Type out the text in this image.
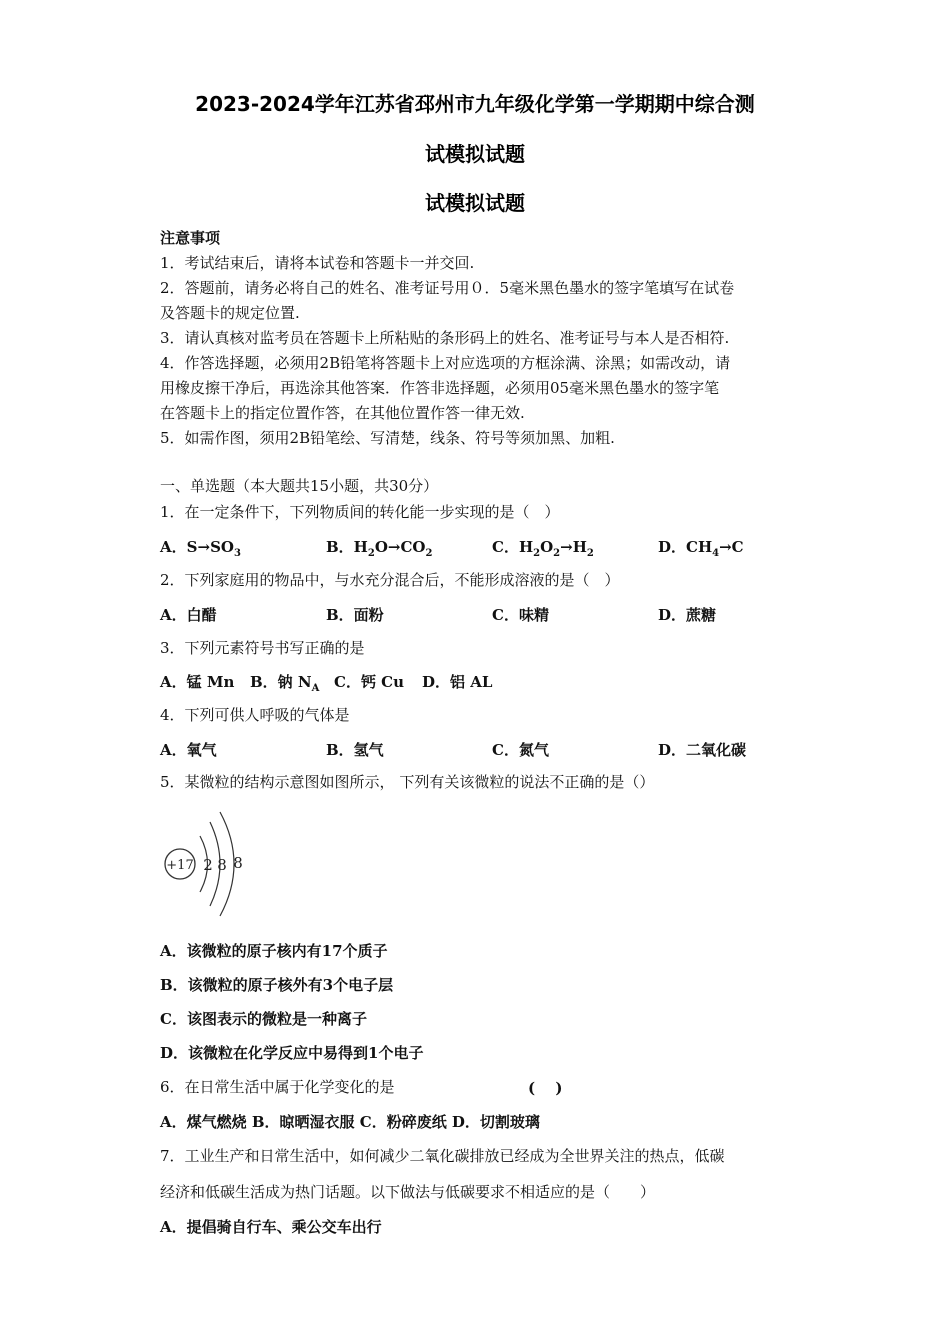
2023-2024学年江苏省邳州市九年级化学第一学期期中综合测
试模拟试题
试模拟试题
注意事项
1．考试结束后，请将本试卷和答题卡一并交回.
2．答题前，请务必将自己的姓名、准考证号用０．5毫米黑色墨水的签字笔填写在试卷
及答题卡的规定位置.
3．请认真核对监考员在答题卡上所粘贴的条形码上的姓名、准考证号与本人是否相符.
4．作答选择题，必须用2B铅笔将答题卡上对应选项的方框涂满、涂黑；如需改动，请
用橡皮擦干净后，再选涂其他答案．作答非选择题，必须用05毫米黑色墨水的签字笔
在答题卡上的指定位置作答，在其他位置作答一律无效.
5．如需作图，须用2B铅笔绘、写清楚，线条、符号等须加黑、加粗.
一、单选题（本大题共15小题，共30分）
1．在一定条件下，下列物质间的转化能一步实现的是（　）
A．$S\to SO_3$	B．$H_2O\to CO_2$	C．$H_2O_2\to H_2$	D．$CH_4\to C$
2．下列家庭用的物品中，与水充分混合后，不能形成溶液的是（　）
A．白醋	B．面粉	C．味精	D．蔗糖
3．下列元素符号书写正确的是
A．锰 Mn B．钠 $N_A$ C．钙 Cu D．铝 AL
4．下列可供人呼吸的气体是
A．氧气	B．氢气	C．氮气	D．二氧化碳
5．某微粒的结构示意图如图所示， 下列有关该微粒的说法不正确的是（）
+17 2 8 8
A．该微粒的原子核内有17个质子
B．该微粒的原子核外有3个电子层
C．该图表示的微粒是一种离子
D．该微粒在化学反应中易得到1个电子
6．在日常生活中属于化学变化的是	(　 )
A．煤气燃烧 B．晾晒湿衣服 C．粉碎废纸 D．切割玻璃
7．工业生产和日常生活中，如何减少二氧化碳排放已经成为全世界关注的热点，低碳
经济和低碳生活成为热门话题。以下做法与低碳要求不相适应的是（　　）
A．提倡骑自行车、乘公交车出行
